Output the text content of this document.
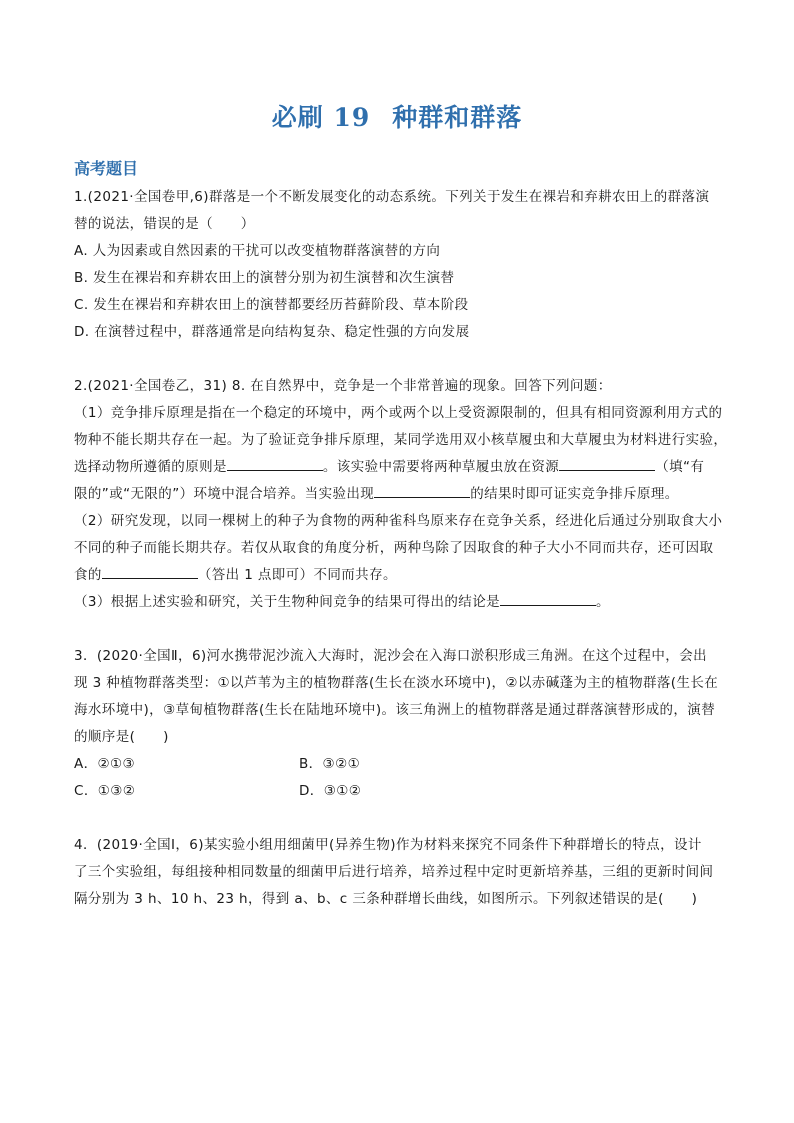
必刷 19 种群和群落
高考题目
1.(2021·全国卷甲,6)群落是一个不断发展变化的动态系统。下列关于发生在裸岩和弃耕农田上的群落演
替的说法，错误的是（　　）
A. 人为因素或自然因素的干扰可以改变植物群落演替的方向
B. 发生在裸岩和弃耕农田上的演替分别为初生演替和次生演替
C. 发生在裸岩和弃耕农田上的演替都要经历苔藓阶段、草本阶段
D. 在演替过程中，群落通常是向结构复杂、稳定性强的方向发展
2.(2021·全国卷乙，31) 8. 在自然界中，竞争是一个非常普遍的现象。回答下列问题：
（1）竞争排斥原理是指在一个稳定的环境中，两个或两个以上受资源限制的，但具有相同资源利用方式的
物种不能长期共存在一起。为了验证竞争排斥原理，某同学选用双小核草履虫和大草履虫为材料进行实验，
选择动物所遵循的原则是	。该实验中需要将两种草履虫放在资源	（填“有
限的”或“无限的”）环境中混合培养。当实验出现	的结果时即可证实竞争排斥原理。
（2）研究发现，以同一棵树上的种子为食物的两种雀科鸟原来存在竞争关系，经进化后通过分别取食大小
不同的种子而能长期共存。若仅从取食的角度分析，两种鸟除了因取食的种子大小不同而共存，还可因取
食的	（答出 1 点即可）不同而共存。
（3）根据上述实验和研究，关于生物种间竞争的结果可得出的结论是	。
3．(2020·全国Ⅱ，6)河水携带泥沙流入大海时，泥沙会在入海口淤积形成三角洲。在这个过程中，会出
现 3 种植物群落类型：①以芦苇为主的植物群落(生长在淡水环境中)，②以赤碱蓬为主的植物群落(生长在
海水环境中)，③草甸植物群落(生长在陆地环境中)。该三角洲上的植物群落是通过群落演替形成的，演替
的顺序是(　　)
A．②①③	B．③②①
C．①③②	D．③①②
4．(2019·全国Ⅰ，6)某实验小组用细菌甲(异养生物)作为材料来探究不同条件下种群增长的特点，设计
了三个实验组，每组接种相同数量的细菌甲后进行培养，培养过程中定时更新培养基，三组的更新时间间
隔分别为 3 h、10 h、23 h，得到 a、b、c 三条种群增长曲线，如图所示。下列叙述错误的是(　　)
